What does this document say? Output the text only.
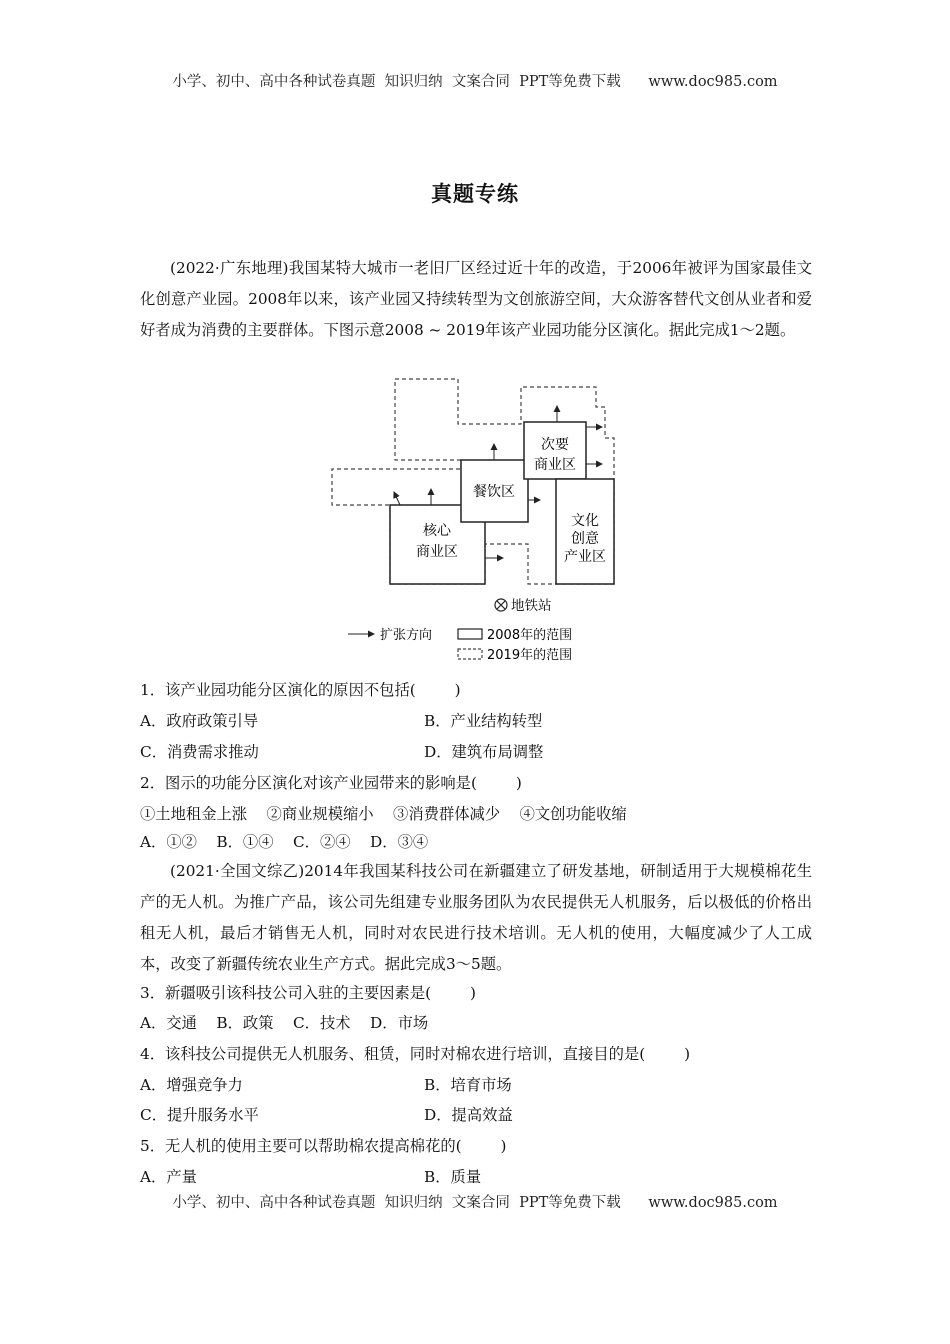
小学、初中、高中各种试卷真题  知识归纳  文案合同  PPT等免费下载      www.doc985.com
真题专练

(2022·广东地理)我国某特大城市一老旧厂区经过近十年的改造，于2006年被评为国家最佳文化创意产业园。2008年以来，该产业园又持续转型为文创旅游空间，大众游客替代文创从业者和爱好者成为消费的主要群体。下图示意2008 ~ 2019年该产业园功能分区演化。据此完成1～2题。

核心
商业区
餐饮区
次要
商业区
文化
创意
产业区
地铁站
扩张方向	2008年的范围
2019年的范围
1．该产业园功能分区演化的原因不包括(        )
A．政府政策引导	B．产业结构转型
C．消费需求推动	D．建筑布局调整
2．图示的功能分区演化对该产业园带来的影响是(        )
①土地租金上涨    ②商业规模缩小    ③消费群体减少    ④文创功能收缩
A．①②    B．①④    C．②④    D．③④

(2021·全国文综乙)2014年我国某科技公司在新疆建立了研发基地，研制适用于大规模棉花生产的无人机。为推广产品，该公司先组建专业服务团队为农民提供无人机服务，后以极低的价格出租无人机，最后才销售无人机，同时对农民进行技术培训。无人机的使用，大幅度减少了人工成本，改变了新疆传统农业生产方式。据此完成3～5题。

3．新疆吸引该科技公司入驻的主要因素是(        )
A．交通    B．政策    C．技术    D．市场
4．该科技公司提供无人机服务、租赁，同时对棉农进行培训，直接目的是(        )
A．增强竞争力	B．培育市场
C．提升服务水平	D．提高效益
5．无人机的使用主要可以帮助棉农提高棉花的(        )
A．产量	B．质量
小学、初中、高中各种试卷真题  知识归纳  文案合同  PPT等免费下载      www.doc985.com
